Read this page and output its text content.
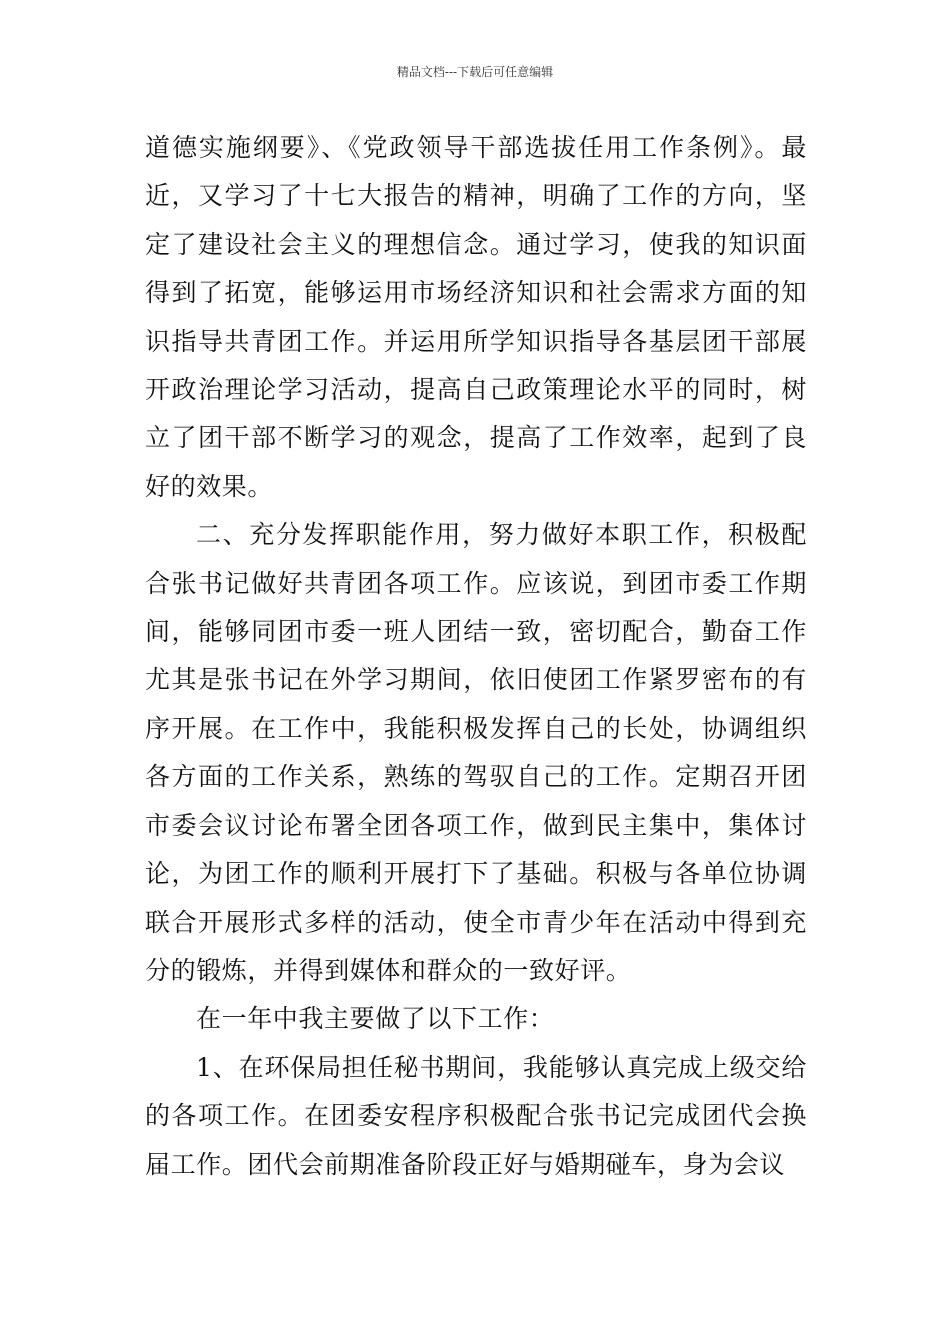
精品文档---下载后可任意编辑

道德实施纲要》、《党政领导干部选拔任用工作条例》。最近，又学习了十七大报告的精神，明确了工作的方向，坚定了建设社会主义的理想信念。通过学习，使我的知识面得到了拓宽，能够运用市场经济知识和社会需求方面的知识指导共青团工作。并运用所学知识指导各基层团干部展开政治理论学习活动，提高自己政策理论水平的同时，树立了团干部不断学习的观念，提高了工作效率，起到了良好的效果。

二、充分发挥职能作用，努力做好本职工作，积极配合张书记做好共青团各项工作。应该说，到团市委工作期间，能够同团市委一班人团结一致，密切配合，勤奋工作尤其是张书记在外学习期间，依旧使团工作紧罗密布的有序开展。在工作中，我能积极发挥自己的长处，协调组织各方面的工作关系，熟练的驾驭自己的工作。定期召开团市委会议讨论布署全团各项工作，做到民主集中，集体讨论，为团工作的顺利开展打下了基础。积极与各单位协调联合开展形式多样的活动，使全市青少年在活动中得到充分的锻炼，并得到媒体和群众的一致好评。

在一年中我主要做了以下工作：

1、在环保局担任秘书期间，我能够认真完成上级交给的各项工作。在团委安程序积极配合张书记完成团代会换届工作。团代会前期准备阶段正好与婚期碰车，身为会议
